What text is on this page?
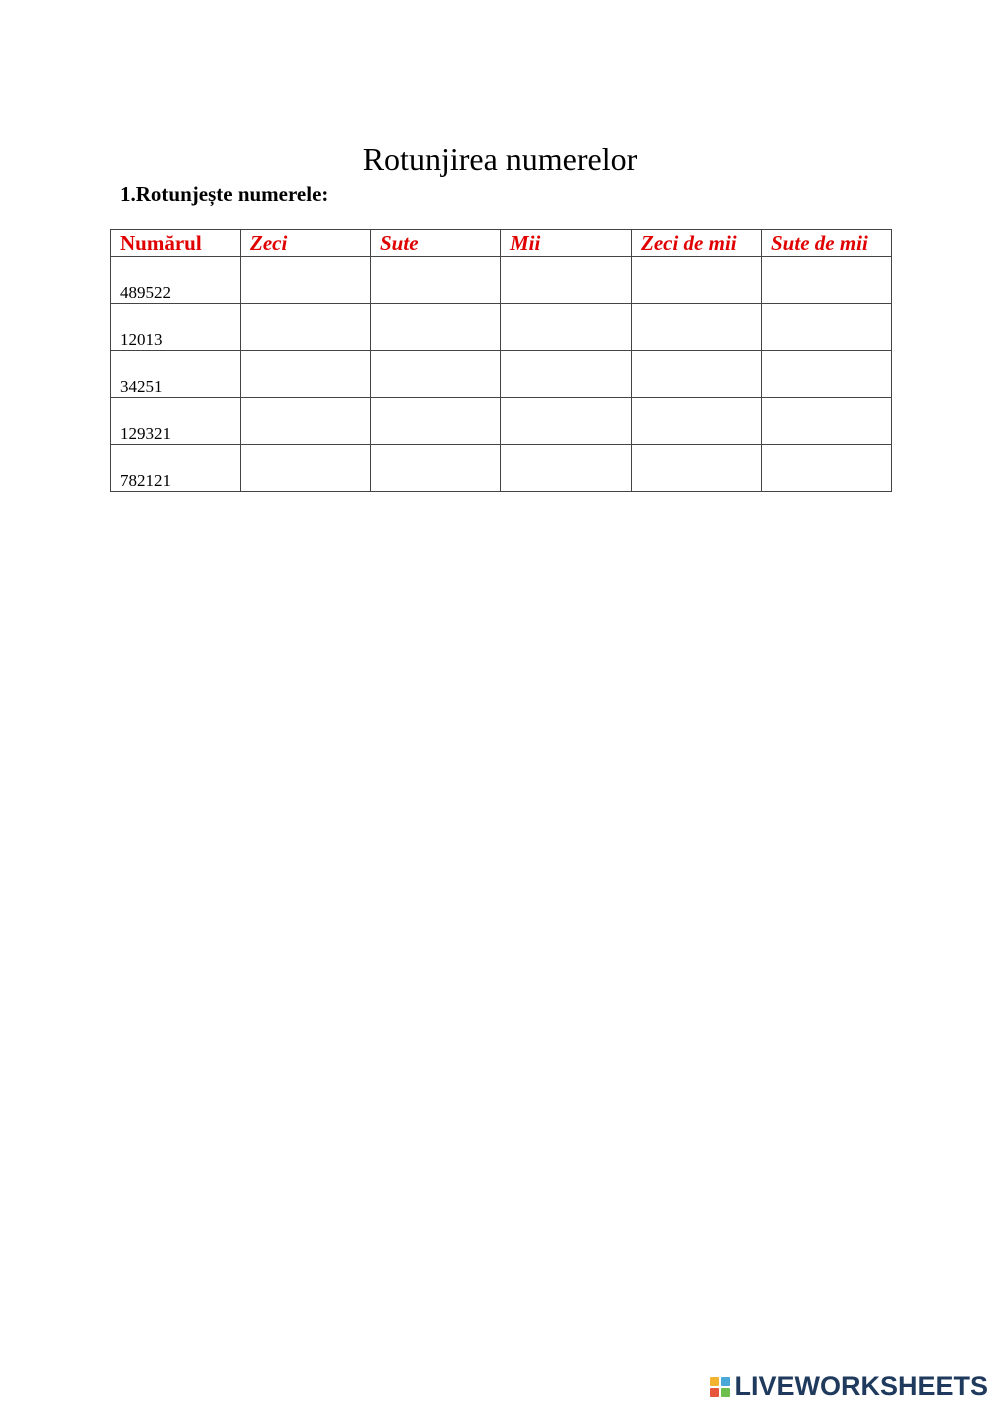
Rotunjirea numerelor
1.Rotunjește numerele:
Numărul	Zeci	Sute	Mii	Zeci de mii	Sute de mii
489522					
12013					
34251					
129321					
782121					
LIVEWORKSHEETS
